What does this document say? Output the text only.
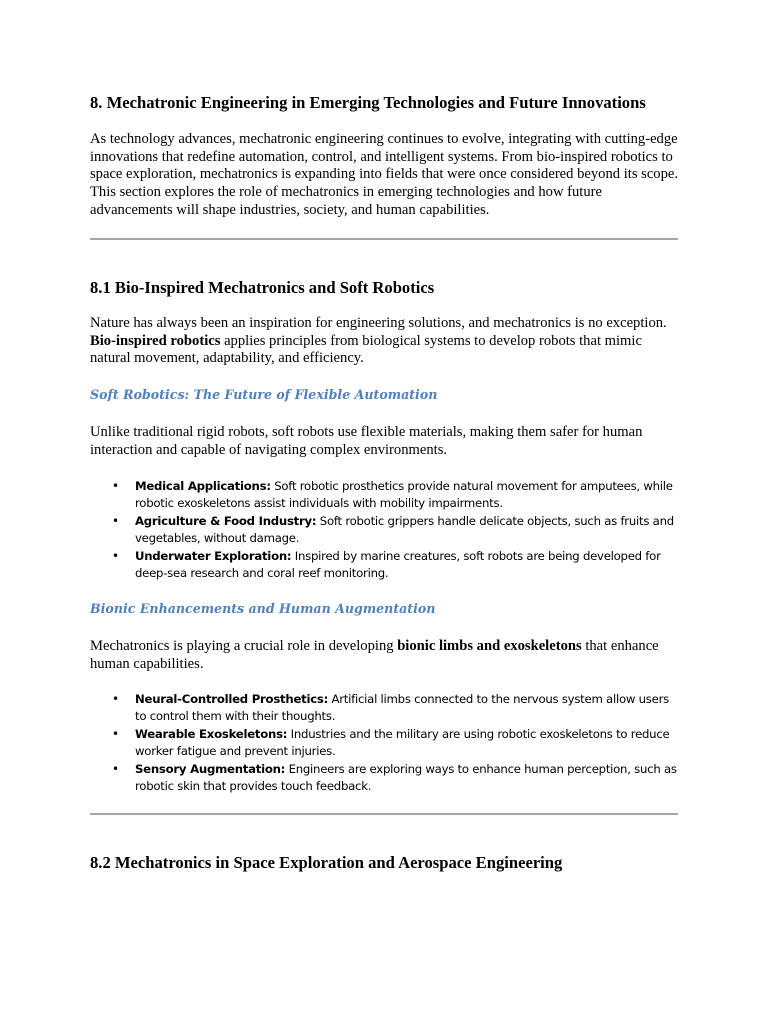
8. Mechatronic Engineering in Emerging Technologies and Future Innovations

As technology advances, mechatronic engineering continues to evolve, integrating with cutting-edge innovations that redefine automation, control, and intelligent systems. From bio-inspired robotics to space exploration, mechatronics is expanding into fields that were once considered beyond its scope. This section explores the role of mechatronics in emerging technologies and how future advancements will shape industries, society, and human capabilities.

8.1 Bio-Inspired Mechatronics and Soft Robotics

Nature has always been an inspiration for engineering solutions, and mechatronics is no exception. Bio-inspired robotics applies principles from biological systems to develop robots that mimic natural movement, adaptability, and efficiency.

Soft Robotics: The Future of Flexible Automation

Unlike traditional rigid robots, soft robots use flexible materials, making them safer for human interaction and capable of navigating complex environments.

• Medical Applications: Soft robotic prosthetics provide natural movement for amputees, while robotic exoskeletons assist individuals with mobility impairments.
• Agriculture & Food Industry: Soft robotic grippers handle delicate objects, such as fruits and vegetables, without damage.
• Underwater Exploration: Inspired by marine creatures, soft robots are being developed for deep-sea research and coral reef monitoring.

Bionic Enhancements and Human Augmentation

Mechatronics is playing a crucial role in developing bionic limbs and exoskeletons that enhance human capabilities.

• Neural-Controlled Prosthetics: Artificial limbs connected to the nervous system allow users to control them with their thoughts.
• Wearable Exoskeletons: Industries and the military are using robotic exoskeletons to reduce worker fatigue and prevent injuries.
• Sensory Augmentation: Engineers are exploring ways to enhance human perception, such as robotic skin that provides touch feedback.
8.2 Mechatronics in Space Exploration and Aerospace Engineering
